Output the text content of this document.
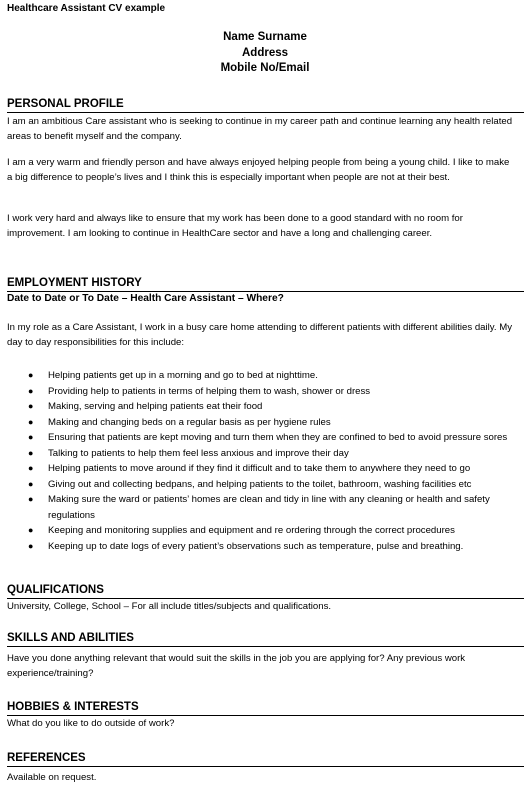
Healthcare Assistant CV example
Name Surname
Address
Mobile No/Email
PERSONAL PROFILE
I am an ambitious Care assistant who is seeking to continue in my career path and continue learning any health related areas to benefit myself and the company.
I am a very warm and friendly person and have always enjoyed helping people from being a young child. I like to make a big difference to people’s lives and I think this is especially important when people are not at their best.
I work very hard and always like to ensure that my work has been done to a good standard with no room for improvement. I am looking to continue in HealthCare sector and have a long and challenging career.
EMPLOYMENT HISTORY
Date to Date or To Date – Health Care Assistant – Where?
In my role as a Care Assistant, I work in a busy care home attending to different patients with different abilities daily. My day to day responsibilities for this include:
● Helping patients get up in a morning and go to bed at nighttime.
● Providing help to patients in terms of helping them to wash, shower or dress
● Making, serving and helping patients eat their food
● Making and changing beds on a regular basis as per hygiene rules
● Ensuring that patients are kept moving and turn them when they are confined to bed to avoid pressure sores
● Talking to patients to help them feel less anxious and improve their day
● Helping patients to move around if they find it difficult and to take them to anywhere they need to go
● Giving out and collecting bedpans, and helping patients to the toilet, bathroom, washing facilities etc
● Making sure the ward or patients’ homes are clean and tidy in line with any cleaning or health and safety regulations
● Keeping and monitoring supplies and equipment and re ordering through the correct procedures
● Keeping up to date logs of every patient’s observations such as temperature, pulse and breathing.
QUALIFICATIONS
University, College, School – For all include titles/subjects and qualifications.
SKILLS AND ABILITIES
Have you done anything relevant that would suit the skills in the job you are applying for? Any previous work experience/training?
HOBBIES & INTERESTS
What do you like to do outside of work?
REFERENCES
Available on request.
